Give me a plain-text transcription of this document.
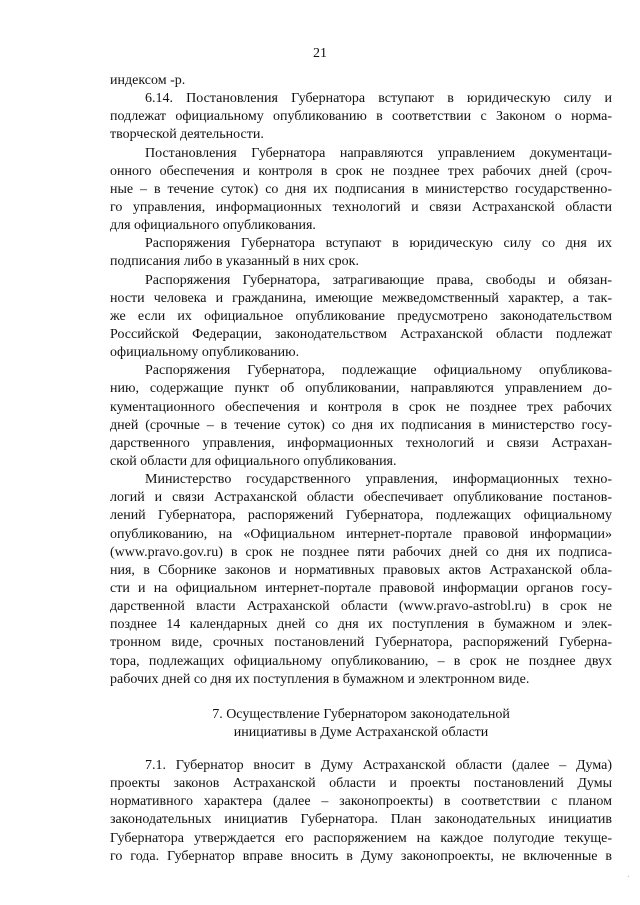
21
индексом -р.
6.14. Постановления Губернатора вступают в юридическую силу и
подлежат официальному опубликованию в соответствии с Законом о норма-
творческой деятельности.
Постановления Губернатора направляются управлением документаци-
онного обеспечения и контроля в срок не позднее трех рабочих дней (сроч-
ные – в течение суток) со дня их подписания в министерство государственно-
го управления, информационных технологий и связи Астраханской области
для официального опубликования.
Распоряжения Губернатора вступают в юридическую силу со дня их
подписания либо в указанный в них срок.
Распоряжения Губернатора, затрагивающие права, свободы и обязан-
ности человека и гражданина, имеющие межведомственный характер, а так-
же если их официальное опубликование предусмотрено законодательством
Российской Федерации, законодательством Астраханской области подлежат
официальному опубликованию.
Распоряжения Губернатора, подлежащие официальному опубликова-
нию, содержащие пункт об опубликовании, направляются управлением до-
кументационного обеспечения и контроля в срок не позднее трех рабочих
дней (срочные – в течение суток) со дня их подписания в министерство госу-
дарственного управления, информационных технологий и связи Астрахан-
ской области для официального опубликования.
Министерство государственного управления, информационных техно-
логий и связи Астраханской области обеспечивает опубликование постанов-
лений Губернатора, распоряжений Губернатора, подлежащих официальному
опубликованию, на «Официальном интернет-портале правовой информации»
(www.pravo.gov.ru) в срок не позднее пяти рабочих дней со дня их подписа-
ния, в Сборнике законов и нормативных правовых актов Астраханской обла-
сти и на официальном интернет-портале правовой информации органов госу-
дарственной власти Астраханской области (www.pravo-astrobl.ru) в срок не
позднее 14 календарных дней со дня их поступления в бумажном и элек-
тронном виде, срочных постановлений Губернатора, распоряжений Губерна-
тора, подлежащих официальному опубликованию, – в срок не позднее двух
рабочих дней со дня их поступления в бумажном и электронном виде.
7. Осуществление Губернатором законодательной
инициативы в Думе Астраханской области
7.1. Губернатор вносит в Думу Астраханской области (далее – Дума)
проекты законов Астраханской области и проекты постановлений Думы
нормативного характера (далее – законопроекты) в соответствии с планом
законодательных инициатив Губернатора. План законодательных инициатив
Губернатора утверждается его распоряжением на каждое полугодие текуще-
го года. Губернатор вправе вносить в Думу законопроекты, не включенные в
·
